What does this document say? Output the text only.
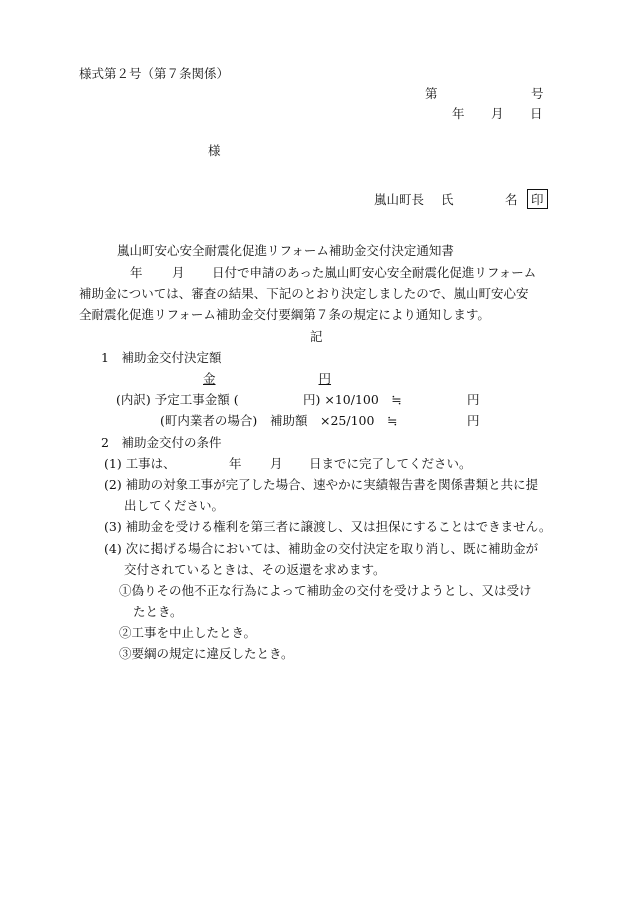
様式第２号（第７条関係）
第	号
年 月 日
様
嵐山町長 氏	名	印
嵐山町安心安全耐震化促進リフォーム補助金交付決定通知書
年 月 日付で申請のあった嵐山町安心安全耐震化促進リフォーム
補助金については、審査の結果、下記のとおり決定しましたので、嵐山町安心安
全耐震化促進リフォーム補助金交付要綱第７条の規定により通知します。
記
1　補助金交付決定額
金	円
(内訳) 予定工事金額 (	円) ×10/100　≒	円
(町内業者の場合) 補助額　×25/100　≒	円
2　補助金交付の条件
(1) 工事は、	年 月 日までに完了してください。
(2) 補助の対象工事が完了した場合、速やかに実績報告書を関係書類と共に提
出してください。
(3) 補助金を受ける権利を第三者に譲渡し、又は担保にすることはできません。
(4) 次に掲げる場合においては、補助金の交付決定を取り消し、既に補助金が
交付されているときは、その返還を求めます。
①偽りその他不正な行為によって補助金の交付を受けようとし、又は受け
たとき。
②工事を中止したとき。
③要綱の規定に違反したとき。
